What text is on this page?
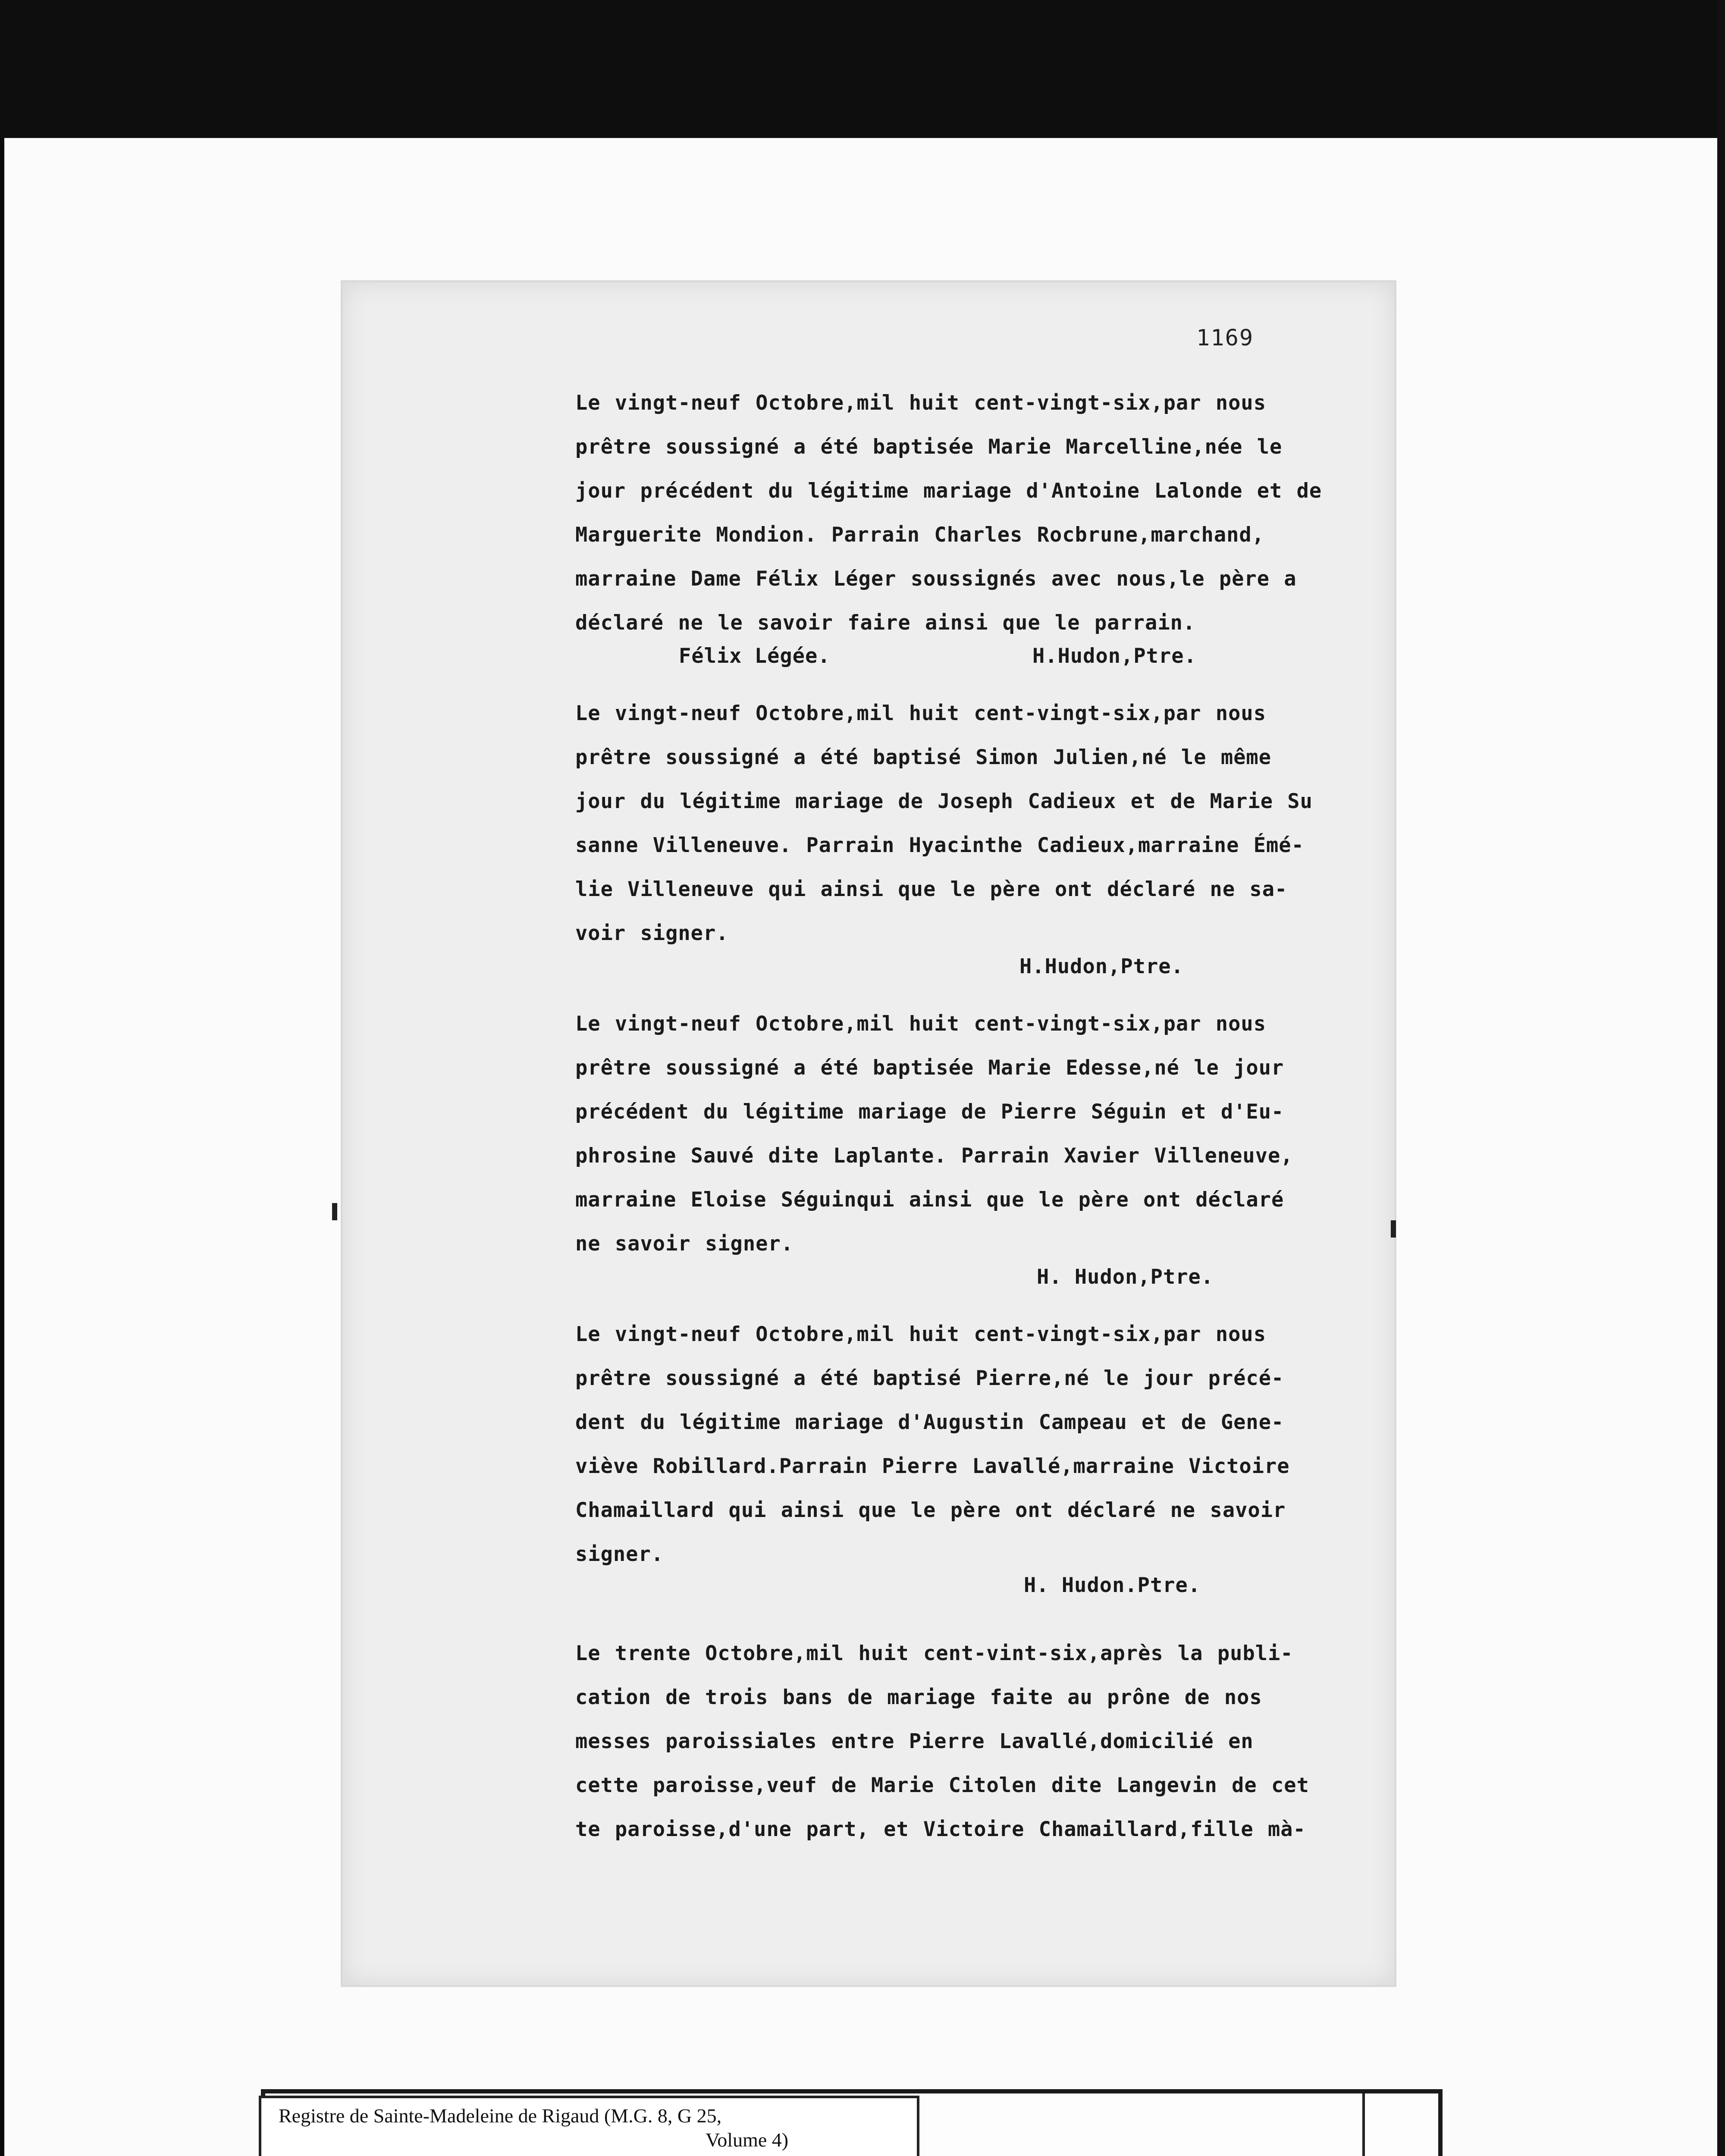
1169
Le vingt-neuf Octobre,mil huit cent-vingt-six,par nous
prêtre soussigné a été baptisée Marie Marcelline,née le
jour précédent du légitime mariage d'Antoine Lalonde et de
Marguerite Mondion. Parrain Charles Rocbrune,marchand,
marraine Dame Félix Léger soussignés avec nous,le père a
déclaré ne le savoir faire ainsi que le parrain.
Félix Légée.	H.Hudon,Ptre.
Le vingt-neuf Octobre,mil huit cent-vingt-six,par nous
prêtre soussigné a été baptisé Simon Julien,né le même
jour du légitime mariage de Joseph Cadieux et de Marie Su
sanne Villeneuve. Parrain Hyacinthe Cadieux,marraine Émé-
lie Villeneuve qui ainsi que le père ont déclaré ne sa-
voir signer.
H.Hudon,Ptre.
Le vingt-neuf Octobre,mil huit cent-vingt-six,par nous
prêtre soussigné a été baptisée Marie Edesse,né le jour
précédent du légitime mariage de Pierre Séguin et d'Eu-
phrosine Sauvé dite Laplante. Parrain Xavier Villeneuve,
marraine Eloise Séguinqui ainsi que le père ont déclaré
ne savoir signer.
H. Hudon,Ptre.
Le vingt-neuf Octobre,mil huit cent-vingt-six,par nous
prêtre soussigné a été baptisé Pierre,né le jour précé-
dent du légitime mariage d'Augustin Campeau et de Gene-
viève Robillard.Parrain Pierre Lavallé,marraine Victoire
Chamaillard qui ainsi que le père ont déclaré ne savoir
signer.
H. Hudon.Ptre.
Le trente Octobre,mil huit cent-vint-six,après la publi-
cation de trois bans de mariage faite au prône de nos
messes paroissiales entre Pierre Lavallé,domicilié en
cette paroisse,veuf de Marie Citolen dite Langevin de cet
te paroisse,d'une part, et Victoire Chamaillard,fille mà-
Registre de Sainte-Madeleine de Rigaud (M.G. 8, G 25,
Volume 4)
